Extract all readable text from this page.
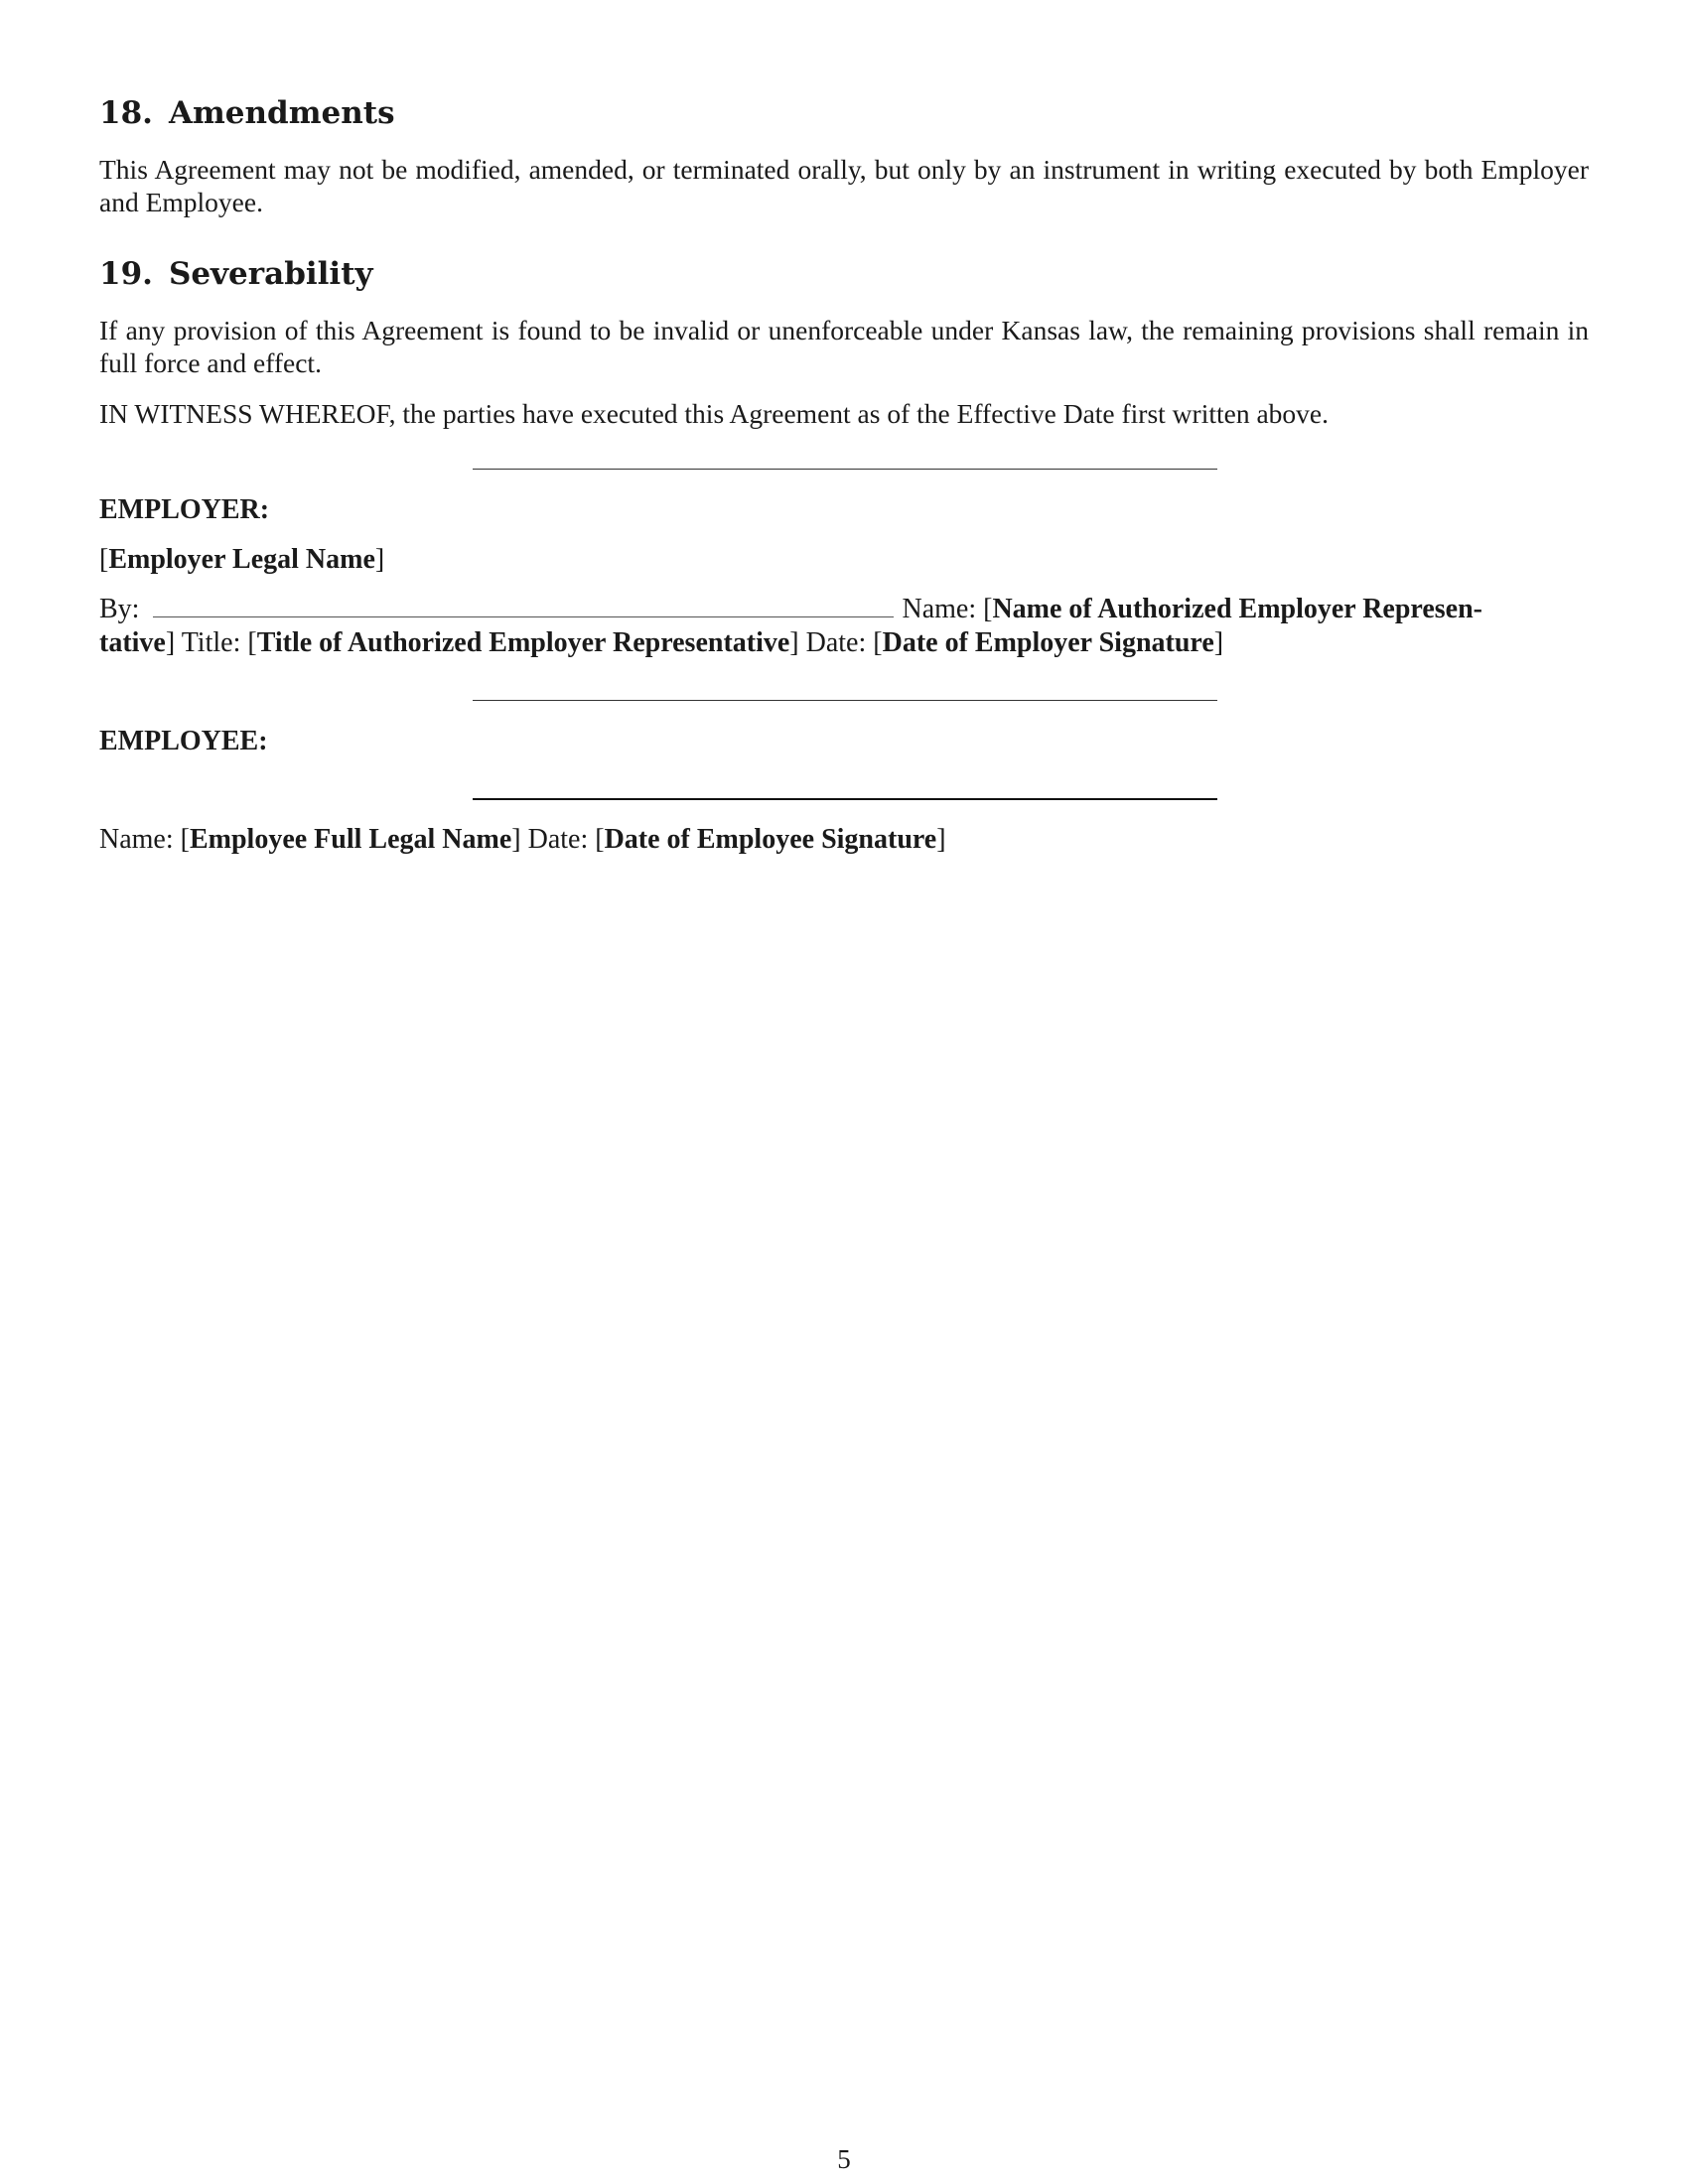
18. Amendments

This Agreement may not be modified, amended, or terminated orally, but only by an instrument in writing executed by both Employer and Employee.

19. Severability

If any provision of this Agreement is found to be invalid or unenforceable under Kansas law, the remaining provisions shall remain in full force and effect.

IN WITNESS WHEREOF, the parties have executed this Agreement as of the Effective Date first written above.

EMPLOYER:
[Employer Legal Name]
By:	Name: [Name of Authorized Employer Represen-
tative] Title: [Title of Authorized Employer Representative] Date: [Date of Employer Signature]
EMPLOYEE:
Name: [Employee Full Legal Name] Date: [Date of Employee Signature]
5
